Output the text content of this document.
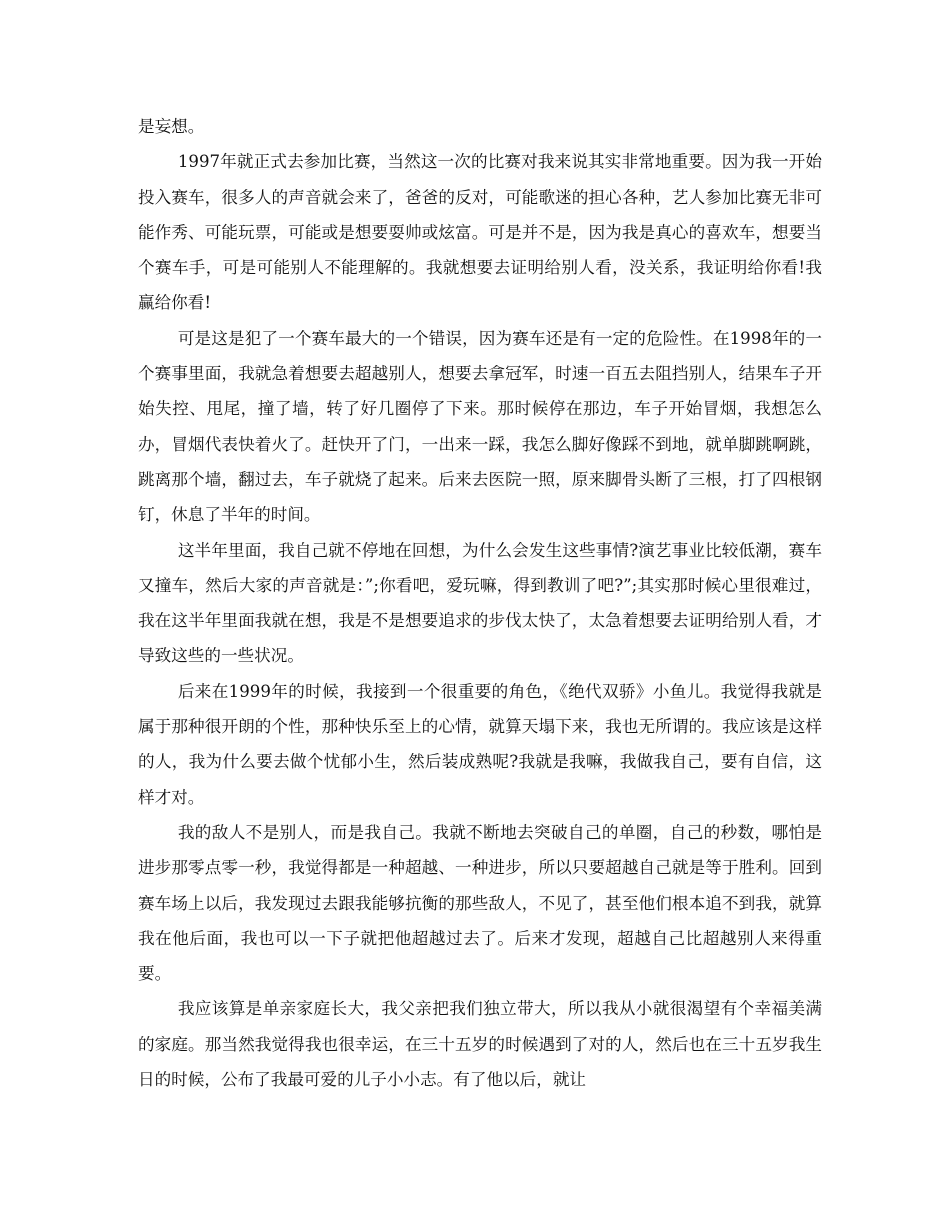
是妄想。

1997年就正式去参加比赛，当然这一次的比赛对我来说其实非常地重要。因为我一开始投入赛车，很多人的声音就会来了，爸爸的反对，可能歌迷的担心各种，艺人参加比赛无非可能作秀、可能玩票，可能或是想要耍帅或炫富。可是并不是，因为我是真心的喜欢车，想要当个赛车手，可是可能别人不能理解的。我就想要去证明给别人看，没关系，我证明给你看!我赢给你看!

可是这是犯了一个赛车最大的一个错误，因为赛车还是有一定的危险性。在1998年的一个赛事里面，我就急着想要去超越别人，想要去拿冠军，时速一百五去阻挡别人，结果车子开始失控、甩尾，撞了墙，转了好几圈停了下来。那时候停在那边，车子开始冒烟，我想怎么办，冒烟代表快着火了。赶快开了门，一出来一踩，我怎么脚好像踩不到地，就单脚跳啊跳，跳离那个墙，翻过去，车子就烧了起来。后来去医院一照，原来脚骨头断了三根，打了四根钢钉，休息了半年的时间。

这半年里面，我自己就不停地在回想，为什么会发生这些事情?演艺事业比较低潮，赛车又撞车，然后大家的声音就是：”;你看吧，爱玩嘛，得到教训了吧?”;其实那时候心里很难过，我在这半年里面我就在想，我是不是想要追求的步伐太快了，太急着想要去证明给别人看，才导致这些的一些状况。

后来在1999年的时候，我接到一个很重要的角色，《绝代双骄》小鱼儿。我觉得我就是属于那种很开朗的个性，那种快乐至上的心情，就算天塌下来，我也无所谓的。我应该是这样的人，我为什么要去做个忧郁小生，然后装成熟呢?我就是我嘛，我做我自己，要有自信，这样才对。

我的敌人不是别人，而是我自己。我就不断地去突破自己的单圈，自己的秒数，哪怕是进步那零点零一秒，我觉得都是一种超越、一种进步，所以只要超越自己就是等于胜利。回到赛车场上以后，我发现过去跟我能够抗衡的那些敌人，不见了，甚至他们根本追不到我，就算我在他后面，我也可以一下子就把他超越过去了。后来才发现，超越自己比超越别人来得重要。

我应该算是单亲家庭长大，我父亲把我们独立带大，所以我从小就很渴望有个幸福美满的家庭。那当然我觉得我也很幸运，在三十五岁的时候遇到了对的人，然后也在三十五岁我生日的时候，公布了我最可爱的儿子小小志。有了他以后，就让
